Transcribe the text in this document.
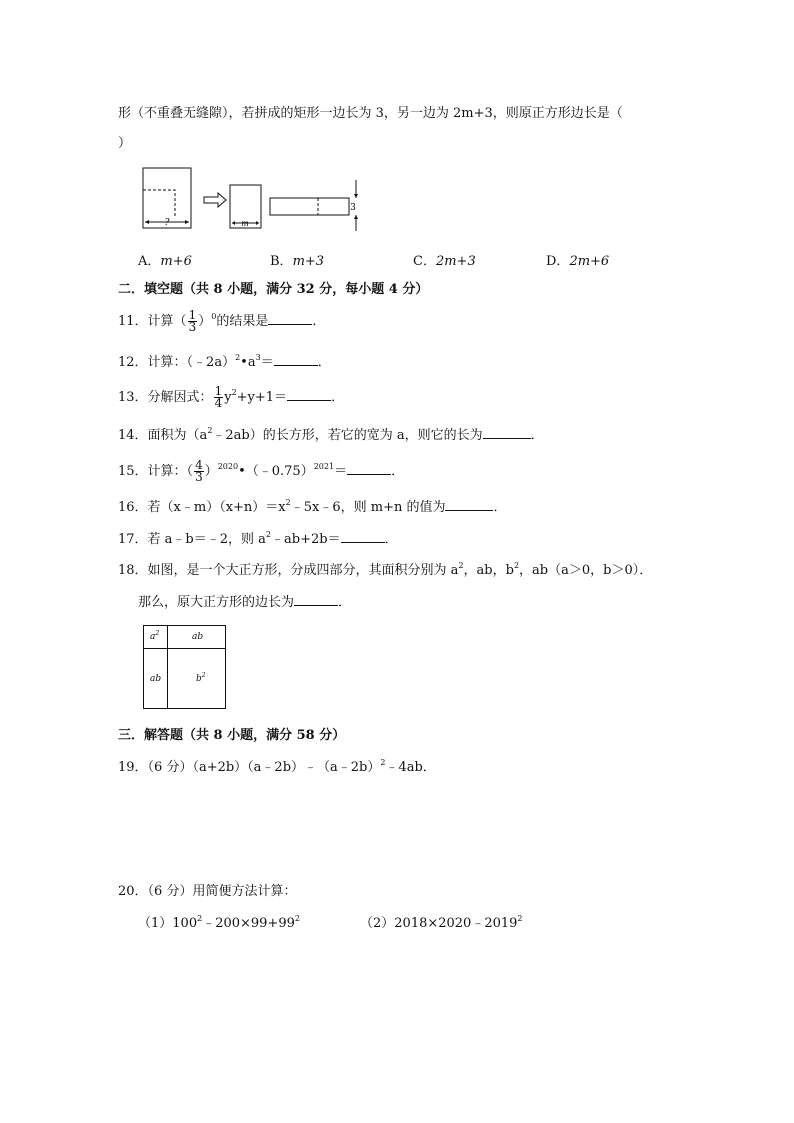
形（不重叠无缝隙），若拼成的矩形一边长为 3，另一边为 2m+3，则原正方形边长是（
）
?	m
3
A．m+6	B．m+3	C．2m+3	D．2m+6
二．填空题（共 8 小题，满分 32 分，每小题 4 分）
11．计算（ $\frac{1}{3} )^0$的结果是	．
12．计算：$(﹣2a)^2•a^3=$	．
13．分解因式： $\frac{1}{4} y^2+y+1=$	．
14．面积为$(a^2﹣2ab)$的长方形，若它的宽为 a，则它的长为	．
15．计算：（ $\frac{4}{3}$ ）$^{2020}$•（﹣0.75）$^{2021}$＝	．
16．若$(x﹣m)(x+n)=x^2﹣5x﹣6$，则 m+n 的值为	．
17．若 a﹣b＝﹣2，则 $a^2﹣ab+2b=$	．
18．如图，是一个大正方形，分成四部分，其面积分别为 $a^2$，ab，$b^2$，ab（a＞0，b＞0）．
那么，原大正方形的边长为	．
$a^2$	ab
ab	$b^2$
三．解答题（共 8 小题，满分 58 分）
19．（6 分）（a+2b）（a﹣2b）﹣（a﹣2b）$^2$﹣4ab．
20．（6 分）用简便方法计算：
$(1)100^2﹣200\times 99+99^2$	$(2)2018\times 2020﹣2019^2$
